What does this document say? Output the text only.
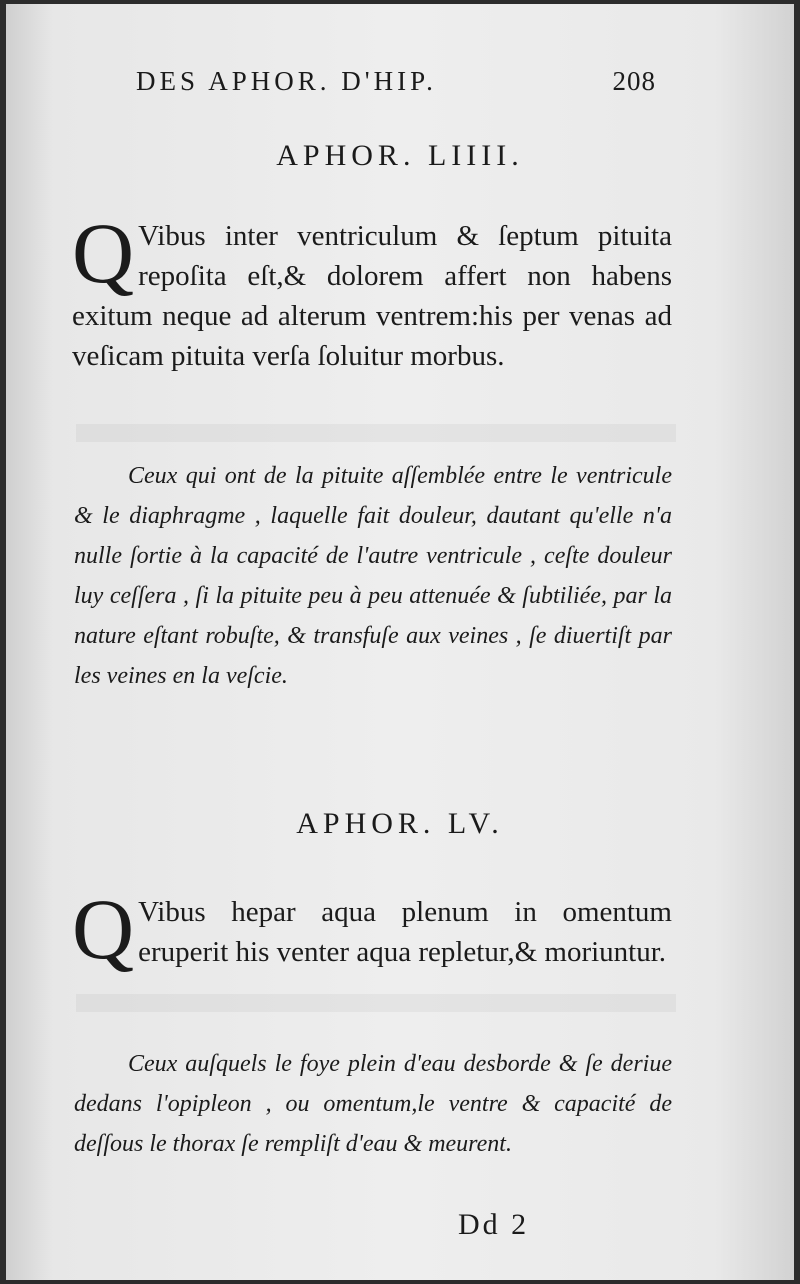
DES APHOR. D'HIP.	208
APHOR. LIIII.
Q Vibus inter ventriculum & ſeptum pituita repoſita eſt,& dolorem affert non habens exitum neque ad alterum ventrem:his per venas ad veſicam pituita verſa ſoluitur morbus.
Ceux qui ont de la pituite aſſemblée entre le ventricule & le diaphragme , laquelle fait douleur, dautant qu'elle n'a nulle ſortie à la capacité de l'autre ventricule , ceſte douleur luy ceſſera , ſi la pituite peu à peu attenuée & ſubtiliée, par la nature eſtant robuſte, & transfuſe aux veines , ſe diuertiſt par les veines en la veſcie.
APHOR. LV.
Q Vibus hepar aqua plenum in omentum eruperit his venter aqua repletur,& moriuntur.
Ceux auſquels le foye plein d'eau desborde & ſe deriue dedans l'opipleon , ou omentum,le ventre & capacité de deſſous le thorax ſe rempliſt d'eau & meurent.
Dd 2
